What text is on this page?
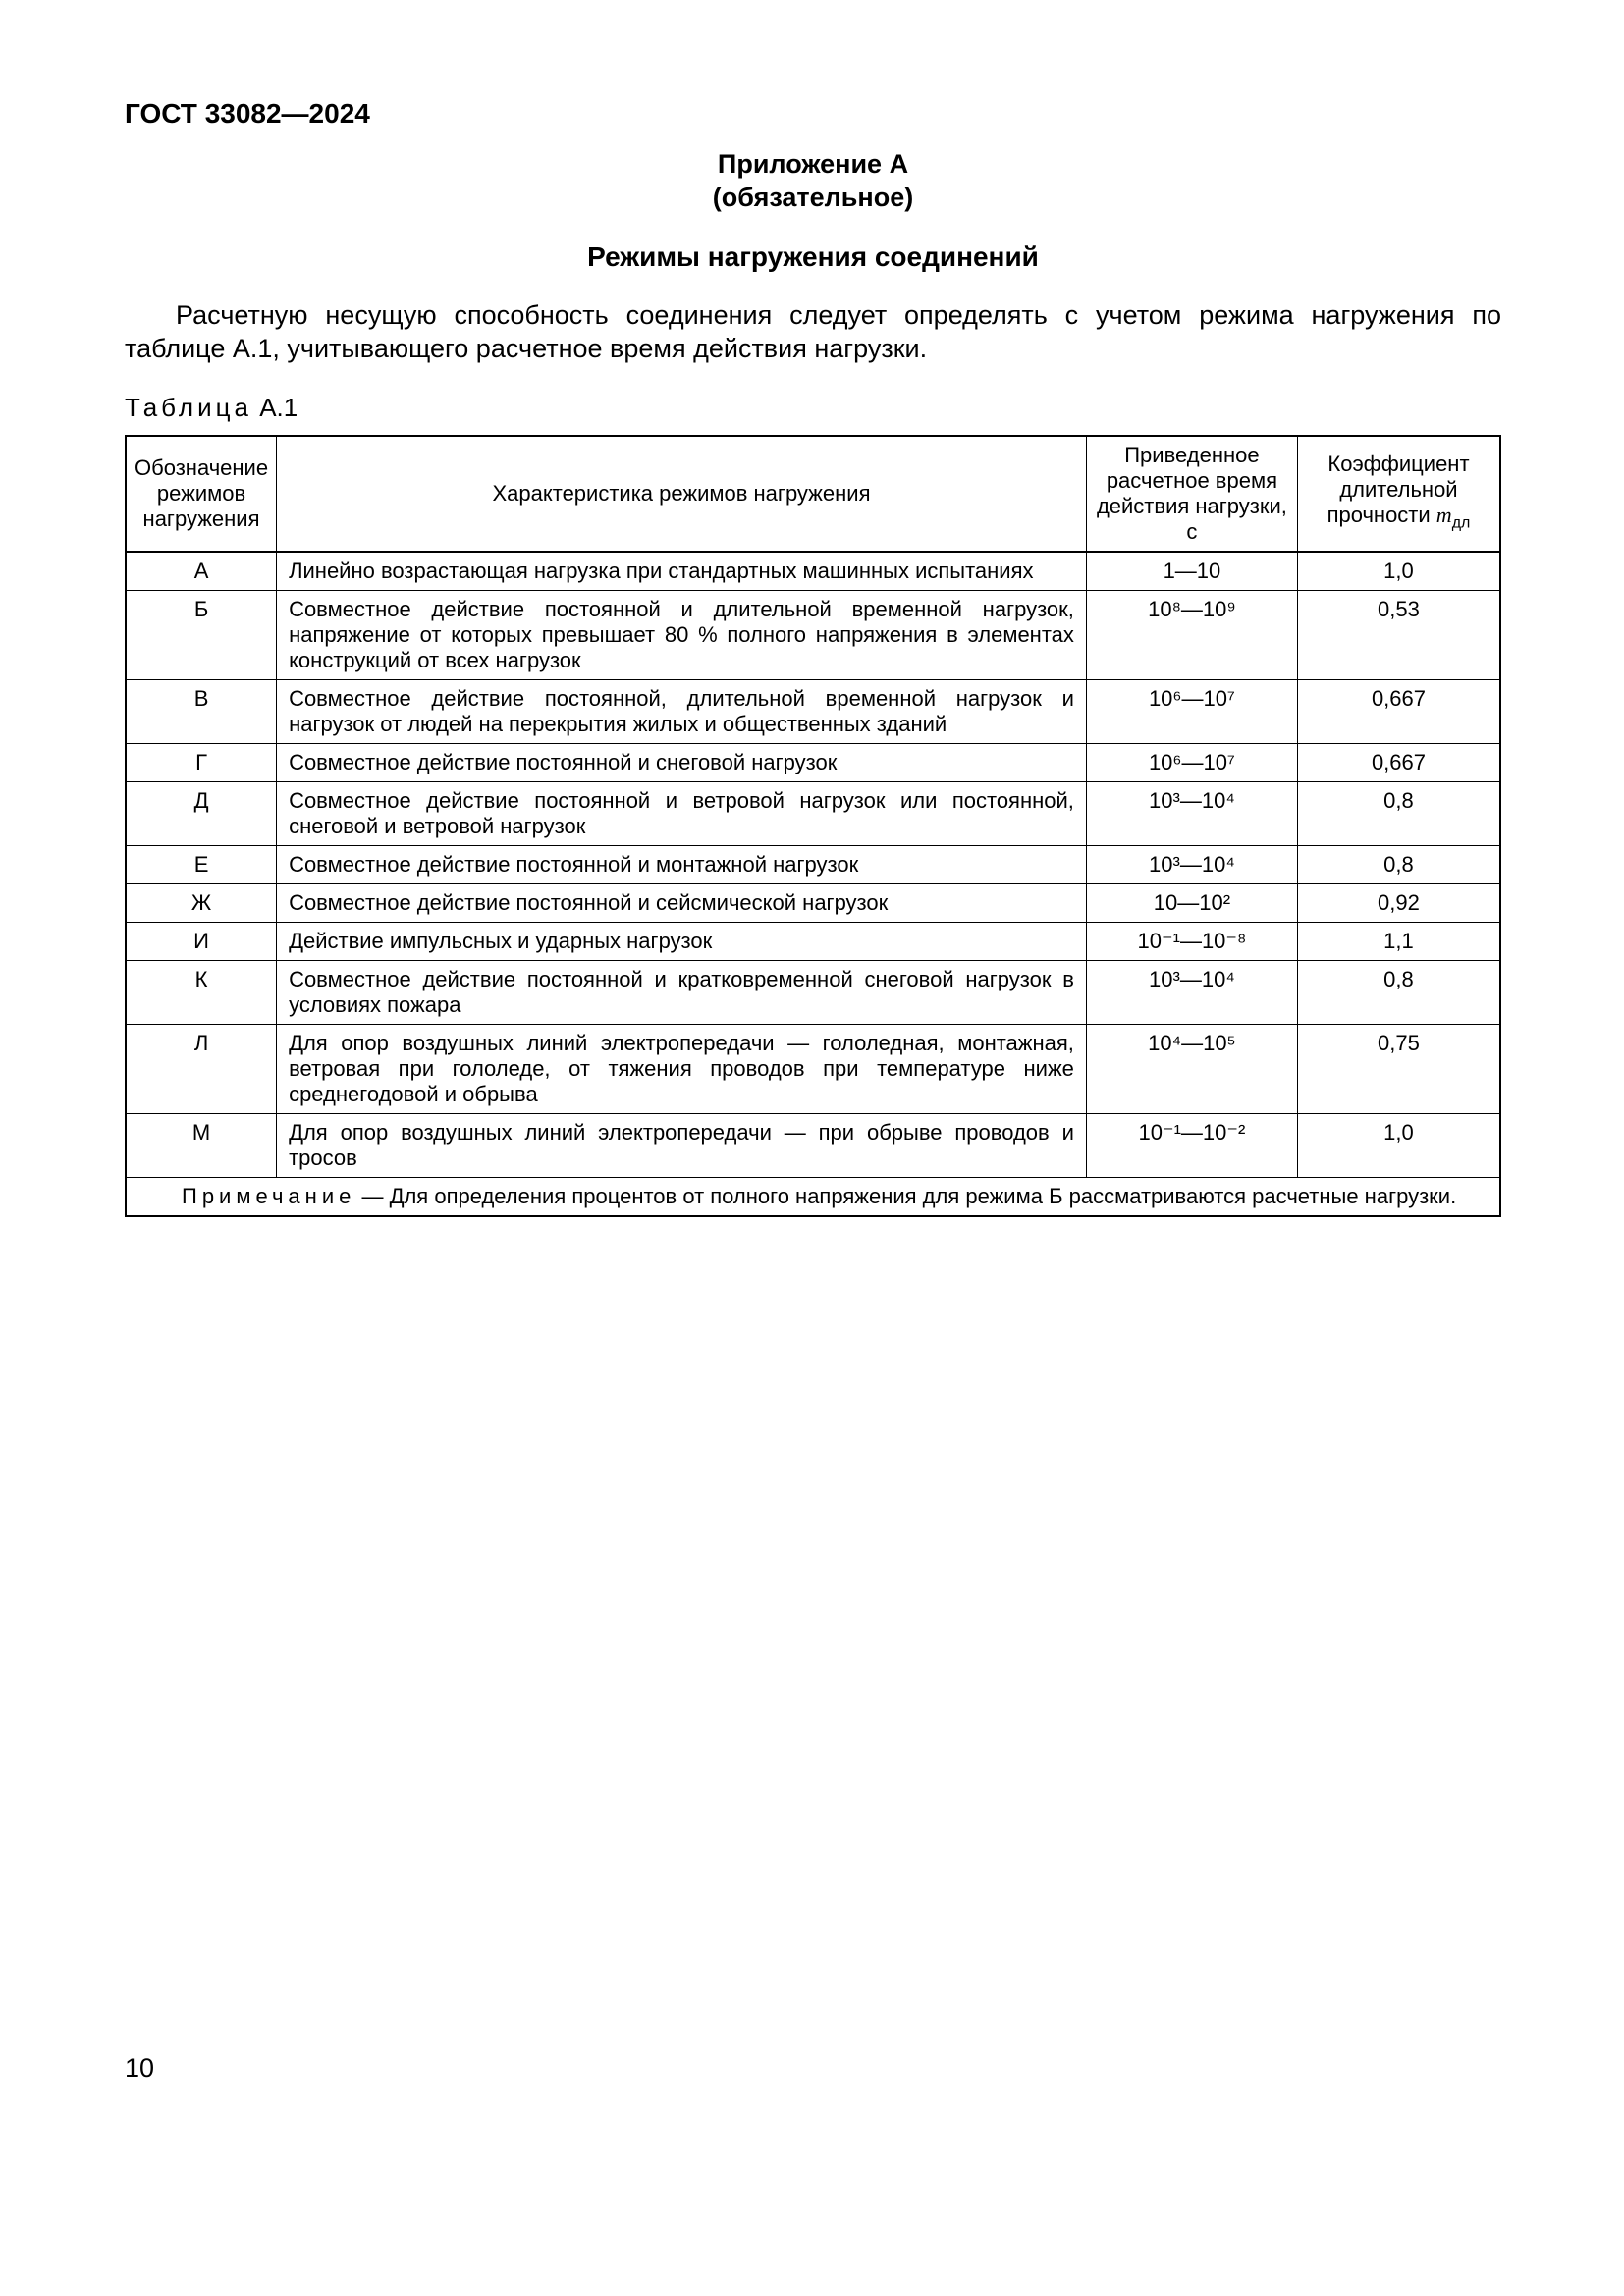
ГОСТ 33082—2024
Приложение А
(обязательное)
Режимы нагружения соединений

Расчетную несущую способность соединения следует определять с учетом режима нагружения по таблице А.1, учитывающего расчетное время действия нагрузки.

Таблица А.1
Обозначение режимов нагружения	Характеристика режимов нагружения	Приведенное расчетное время действия нагрузки, с	Коэффициент длительной прочности $m_{дл}$
А	Линейно возрастающая нагрузка при стандартных машинных испытаниях	1—10	1,0
Б	Совместное действие постоянной и длительной временной нагрузок, напряжение от которых превышает 80 % полного напряжения в элементах конструкций от всех нагрузок	10⁸—10⁹	0,53
В	Совместное действие постоянной, длительной временной нагрузок и нагрузок от людей на перекрытия жилых и общественных зданий	10⁶—10⁷	0,667
Г	Совместное действие постоянной и снеговой нагрузок	10⁶—10⁷	0,667
Д	Совместное действие постоянной и ветровой нагрузок или постоянной, снеговой и ветровой нагрузок	10³—10⁴	0,8
Е	Совместное действие постоянной и монтажной нагрузок	10³—10⁴	0,8
Ж	Совместное действие постоянной и сейсмической нагрузок	10—10²	0,92
И	Действие импульсных и ударных нагрузок	10⁻¹—10⁻⁸	1,1
К	Совместное действие постоянной и кратковременной снеговой нагрузок в условиях пожара	10³—10⁴	0,8
Л	Для опор воздушных линий электропередачи — гололедная, монтажная, ветровая при гололеде, от тяжения проводов при температуре ниже среднегодовой и обрыва	10⁴—10⁵	0,75
М	Для опор воздушных линий электропередачи — при обрыве проводов и тросов	10⁻¹—10⁻²	1,0
Примечание — Для определения процентов от полного напряжения для режима Б рассматриваются расчетные нагрузки.			
10
